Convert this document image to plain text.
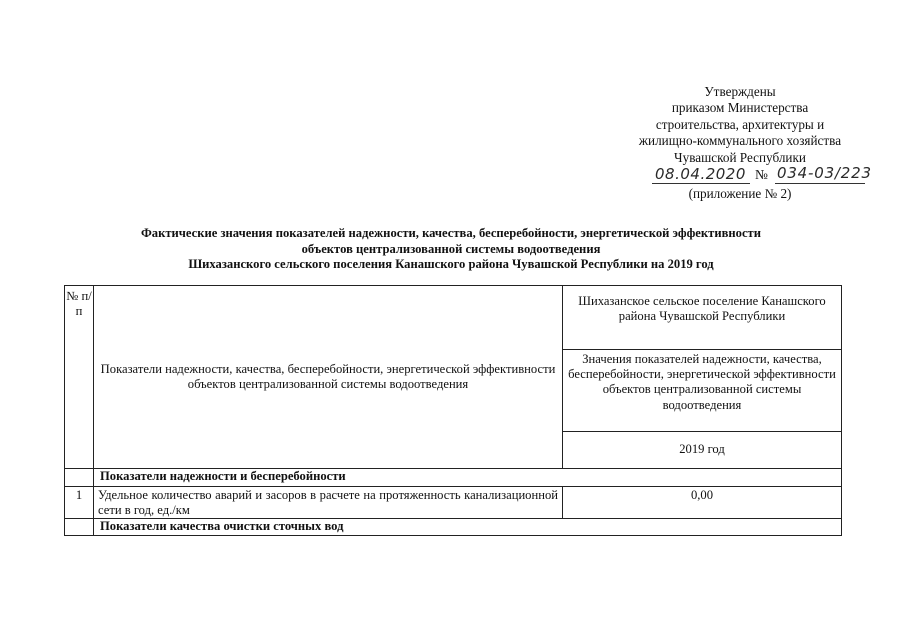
Утверждены
приказом Министерства
строительства, архитектуры и
жилищно-коммунального хозяйства
Чувашской Республики
08.04.2020 № 034-03/223
(приложение № 2)
Фактические значения показателей надежности, качества, бесперебойности, энергетической эффективности
объектов централизованной системы водоотведения
Шихазанского сельского поселения Канашского района Чувашской Республики на 2019 год
№ п/п	Показатели надежности, качества, бесперебойности, энергетической эффективности объектов централизованной системы водоотведения	Шихазанское сельское поселение Канашского района Чувашской Республики
		Значения показателей надежности, качества, бесперебойности, энергетической эффективности объектов централизованной системы водоотведения
		2019 год
	Показатели надежности и бесперебойности	
1	Удельное количество аварий и засоров в расчете на протяженность канализационной сети в год, ед./км	0,00
	Показатели качества очистки сточных вод	
